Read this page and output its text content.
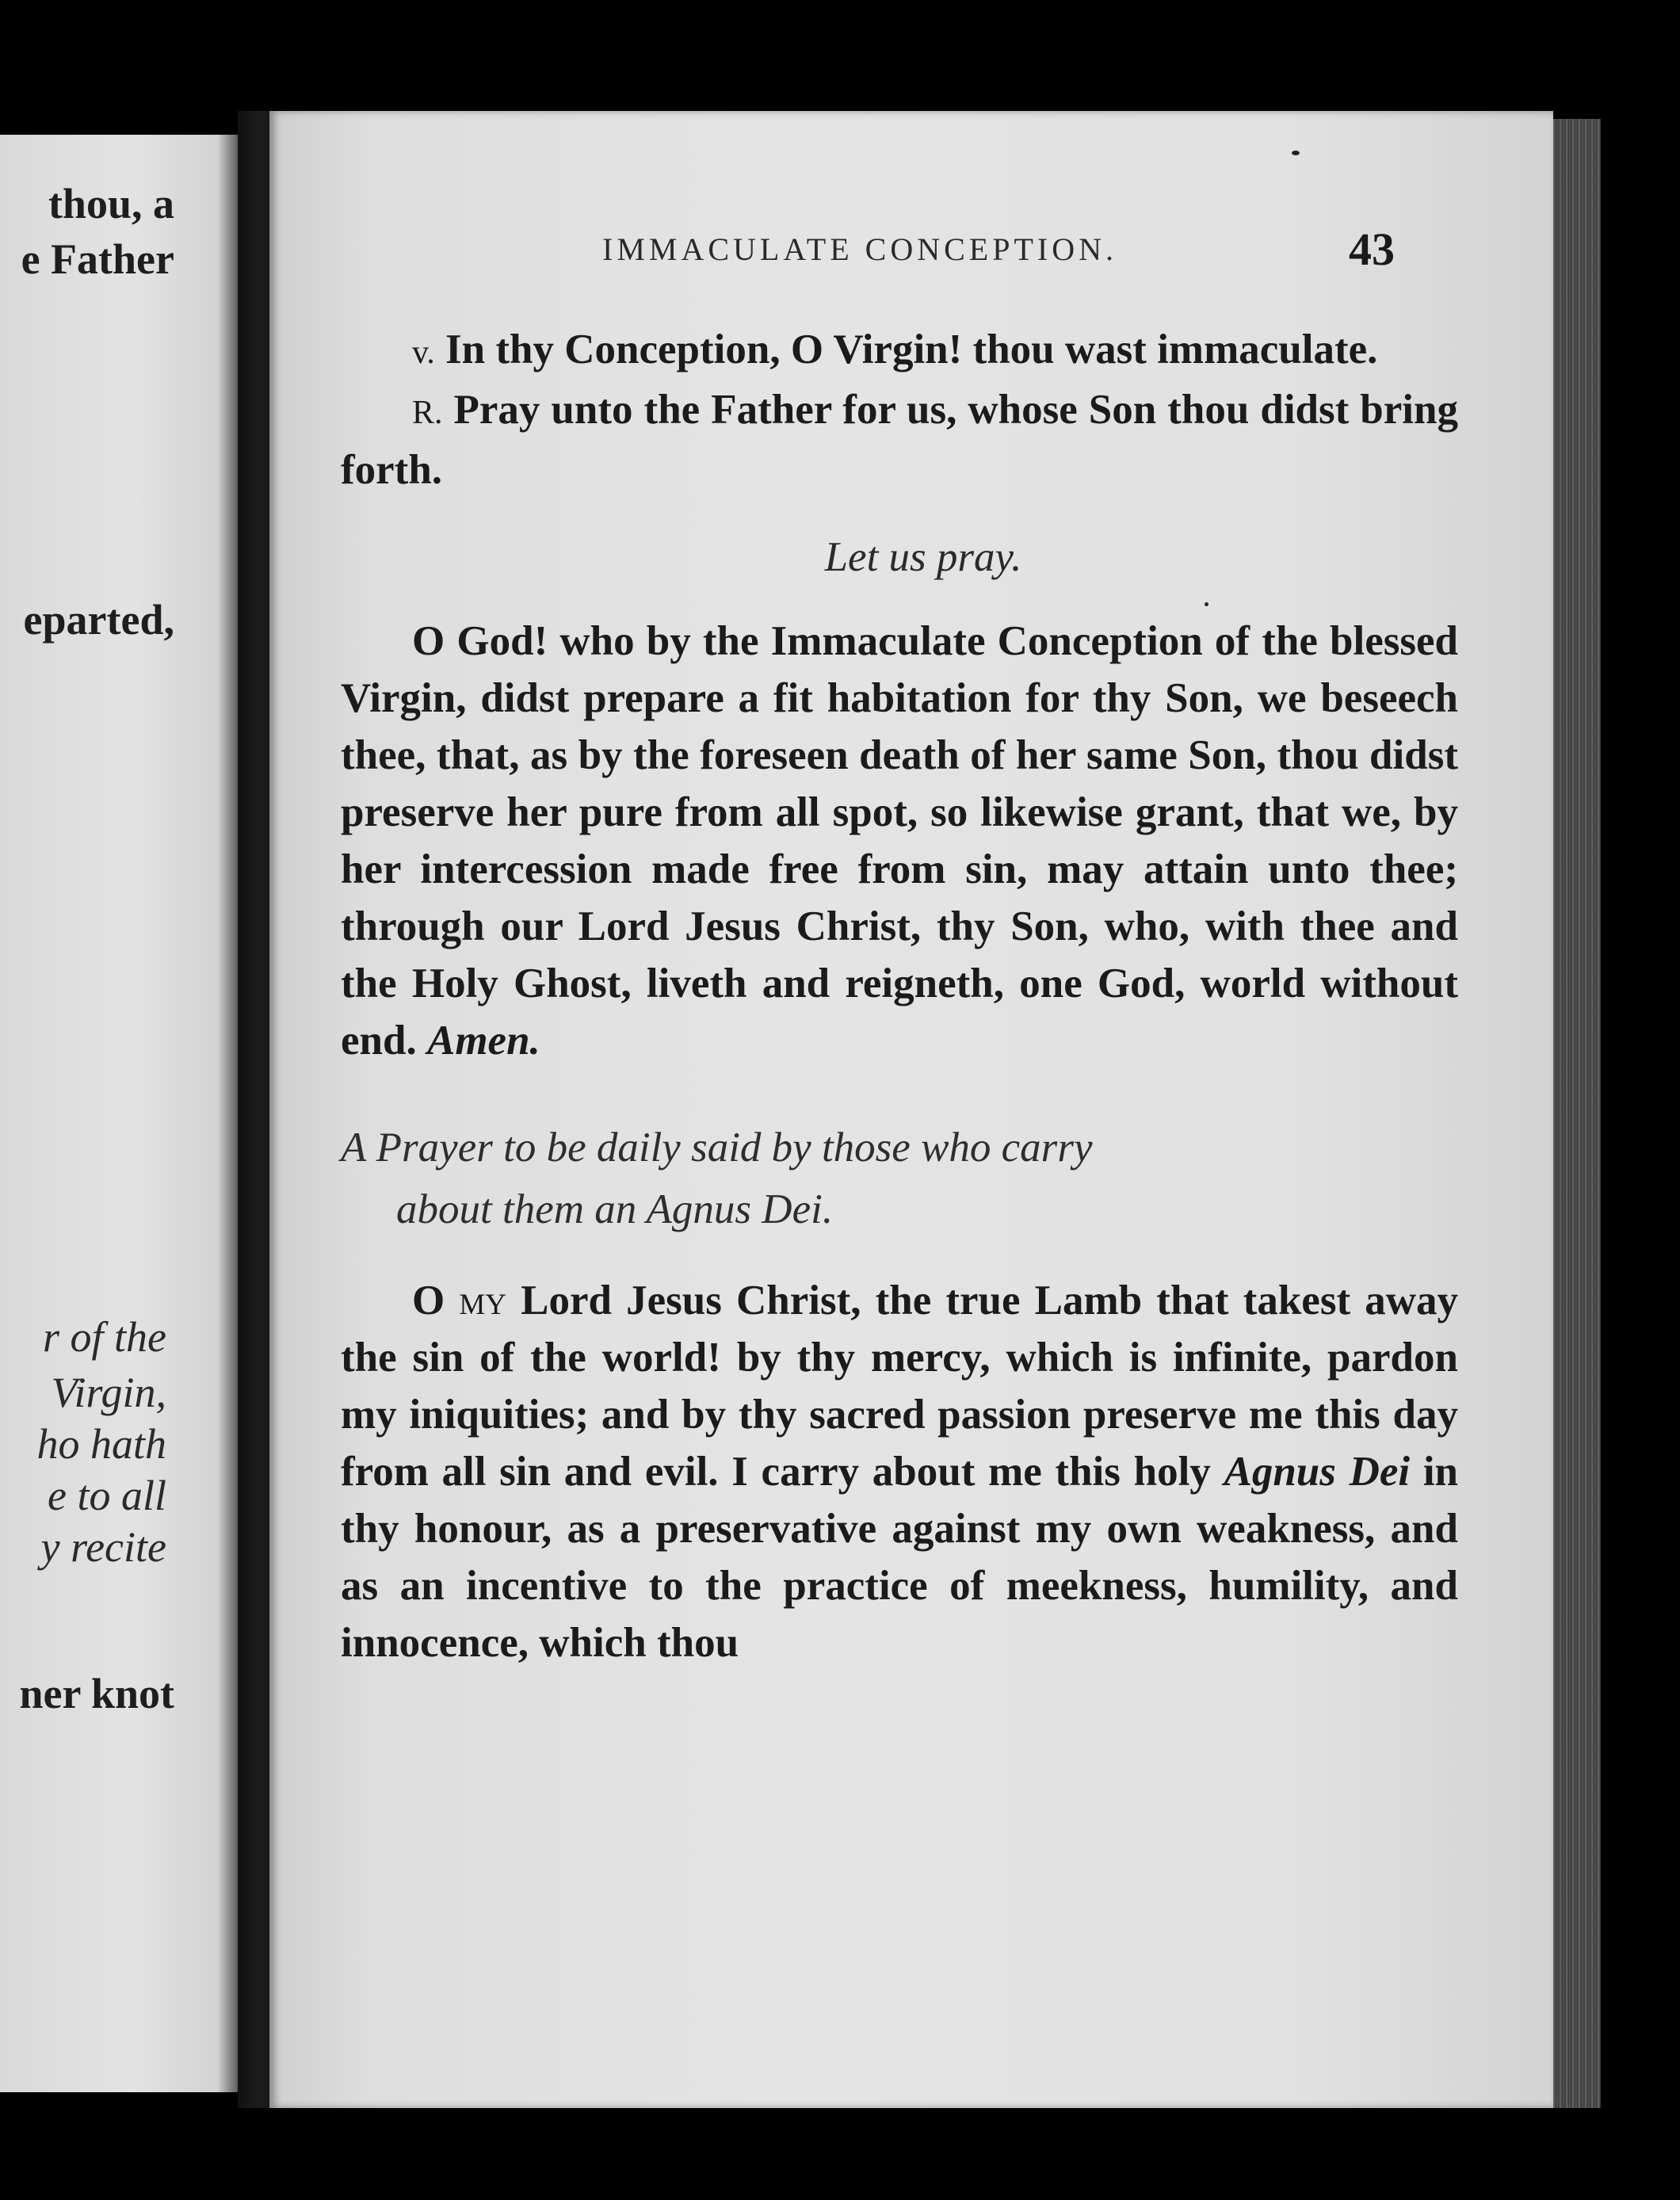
thou, a
e Father
eparted,
r of the
Virgin,
ho hath
e to all
y recite
ner knot
IMMACULATE CONCEPTION.	43

v. In thy Conception, O Virgin! thou wast immaculate.

R. Pray unto the Father for us, whose Son thou didst bring forth.

Let us pray.

O God! who by the Immaculate Conception of the blessed Virgin, didst prepare a fit habitation for thy Son, we beseech thee, that, as by the foreseen death of her same Son, thou didst preserve her pure from all spot, so likewise grant, that we, by her intercession made free from sin, may attain unto thee; through our Lord Jesus Christ, thy Son, who, with thee and the Holy Ghost, liveth and reigneth, one God, world without end. Amen.

A Prayer to be daily said by those who carry
about them an Agnus Dei.

O my Lord Jesus Christ, the true Lamb that takest away the sin of the world! by thy mercy, which is infinite, pardon my iniquities; and by thy sacred passion preserve me this day from all sin and evil. I carry about me this holy Agnus Dei in thy honour, as a preservative against my own weakness, and as an incentive to the practice of meekness, humility, and innocence, which thou
